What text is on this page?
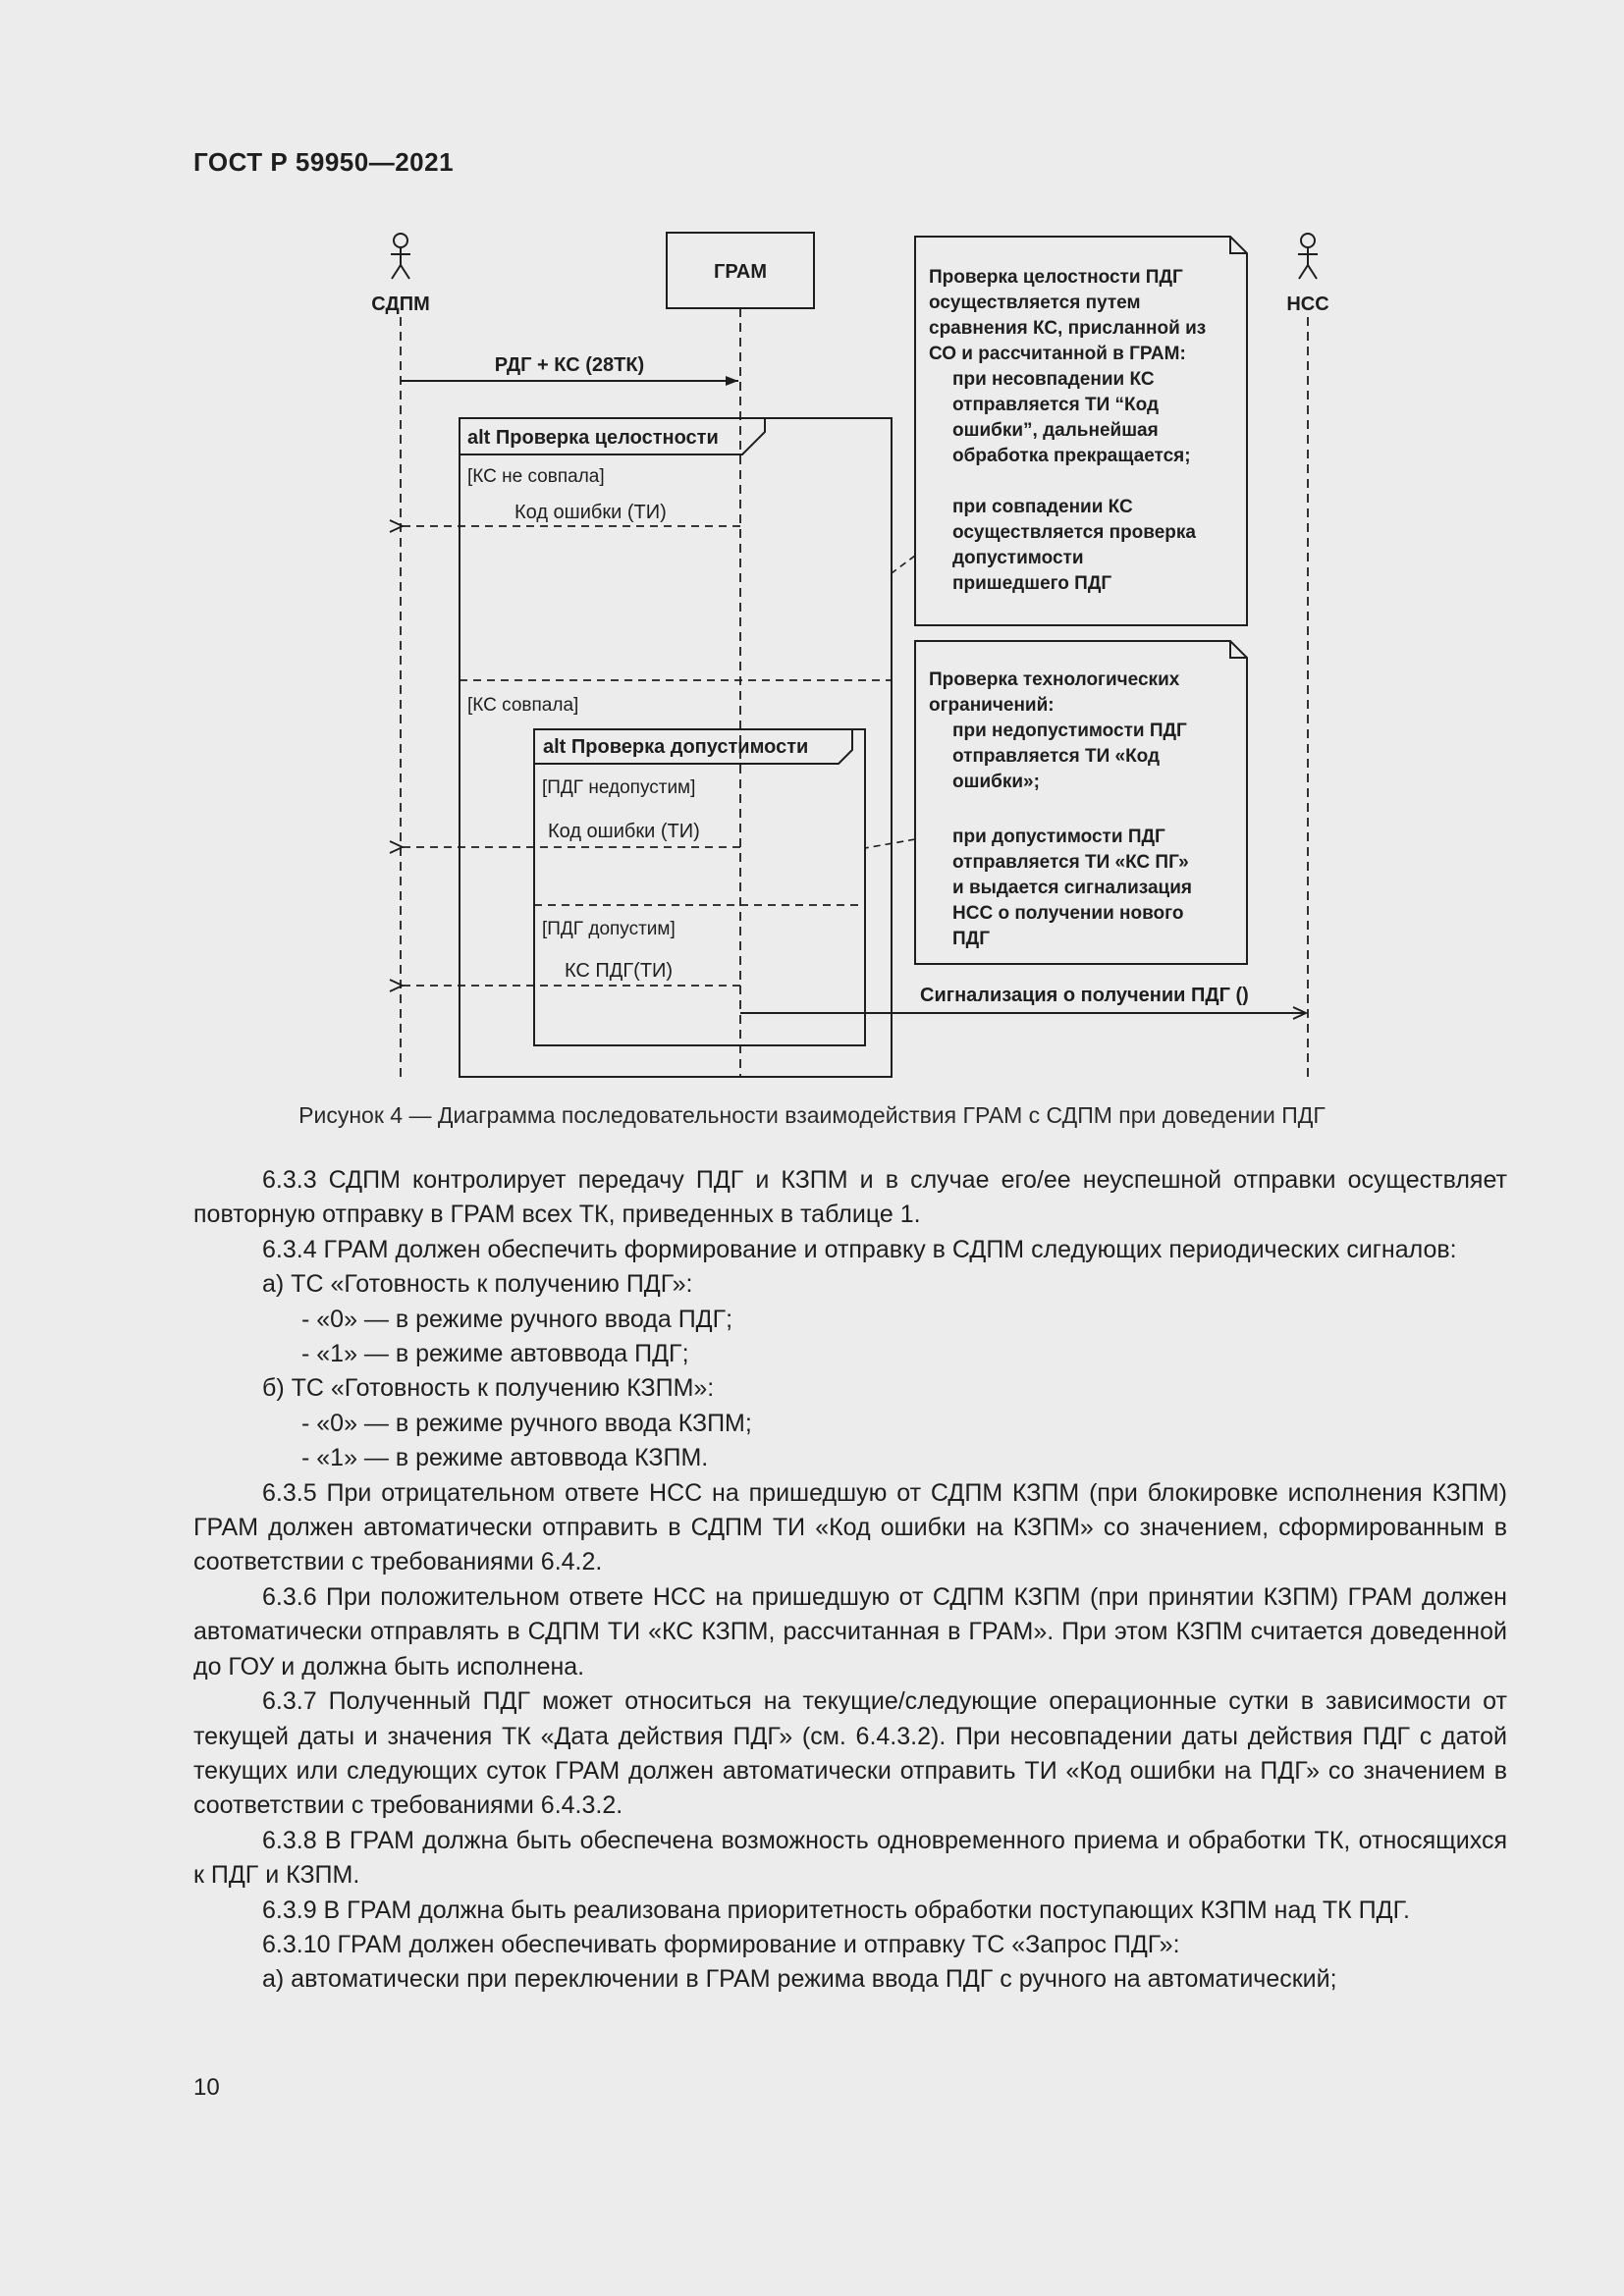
ГОСТ Р 59950—2021
СДПМ	НСС
ГРАМ
РДГ + КС (28ТК)
alt Проверка целостности
[КС не совпала]
Код ошибки (ТИ)
[КС совпала]
alt Проверка допустимости
[ПДГ недопустим]
Код ошибки (ТИ)
[ПДГ допустим]
КС ПДГ(ТИ)
Сигнализация о получении ПДГ ()
Проверка целостности ПДГ
осуществляется путем
сравнения КС, присланной из
СО и рассчитанной в ГРАМ:
при несовпадении КС
отправляется ТИ “Код
ошибки”, дальнейшая
обработка прекращается;
при совпадении КС
осуществляется проверка
допустимости
пришедшего ПДГ
Проверка технологических
ограничений:
при недопустимости ПДГ
отправляется ТИ «Код
ошибки»;
при допустимости ПДГ
отправляется ТИ «КС ПГ»
и выдается сигнализация
НСС о получении нового
ПДГ
Рисунок 4 — Диаграмма последовательности взаимодействия ГРАМ с СДПМ при доведении ПДГ

6.3.3 СДПМ контролирует передачу ПДГ и КЗПМ и в случае его/ее неуспешной отправки осуществляет повторную отправку в ГРАМ всех ТК, приведенных в таблице 1.

6.3.4 ГРАМ должен обеспечить формирование и отправку в СДПМ следующих периодических сигналов:

а) ТС «Готовность к получению ПДГ»:

- «0» — в режиме ручного ввода ПДГ;

- «1» — в режиме автоввода ПДГ;

б) ТС «Готовность к получению КЗПМ»:

- «0» — в режиме ручного ввода КЗПМ;

- «1» — в режиме автоввода КЗПМ.

6.3.5 При отрицательном ответе НСС на пришедшую от СДПМ КЗПМ (при блокировке исполнения КЗПМ) ГРАМ должен автоматически отправить в СДПМ ТИ «Код ошибки на КЗПМ» со значением, сформированным в соответствии с требованиями 6.4.2.

6.3.6 При положительном ответе НСС на пришедшую от СДПМ КЗПМ (при принятии КЗПМ) ГРАМ должен автоматически отправлять в СДПМ ТИ «КС КЗПМ, рассчитанная в ГРАМ». При этом КЗПМ считается доведенной до ГОУ и должна быть исполнена.

6.3.7 Полученный ПДГ может относиться на текущие/следующие операционные сутки в зависимости от текущей даты и значения ТК «Дата действия ПДГ» (см. 6.4.3.2). При несовпадении даты действия ПДГ с датой текущих или следующих суток ГРАМ должен автоматически отправить ТИ «Код ошибки на ПДГ» со значением в соответствии с требованиями 6.4.3.2.

6.3.8 В ГРАМ должна быть обеспечена возможность одновременного приема и обработки ТК, относящихся к ПДГ и КЗПМ.

6.3.9 В ГРАМ должна быть реализована приоритетность обработки поступающих КЗПМ над ТК ПДГ.

6.3.10 ГРАМ должен обеспечивать формирование и отправку ТС «Запрос ПДГ»:

а) автоматически при переключении в ГРАМ режима ввода ПДГ с ручного на автоматический;

10
